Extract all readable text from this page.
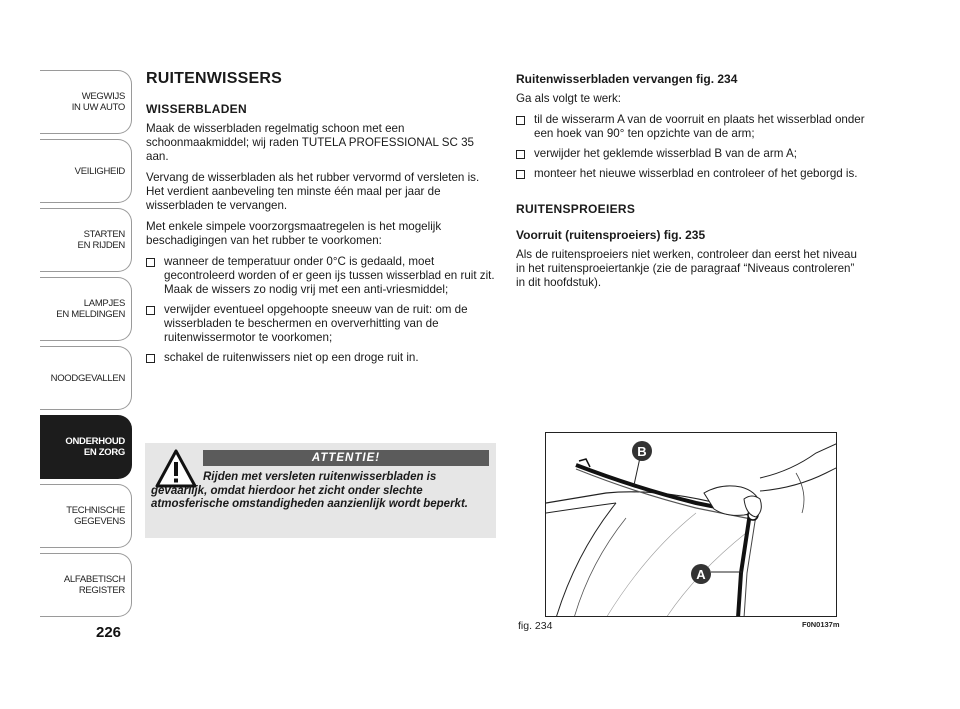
WEGWIJS
IN UW AUTO
VEILIGHEID
STARTEN
EN RIJDEN
LAMPJES
EN MELDINGEN
NOODGEVALLEN
ONDERHOUD
EN ZORG
TECHNISCHE
GEGEVENS
ALFABETISCH
REGISTER
226
RUITENWISSERS
WISSERBLADEN

Maak de wisserbladen regelmatig schoon met een schoonmaakmiddel; wij raden TUTELA PROFESSIONAL SC 35 aan.

Vervang de wisserbladen als het rubber vervormd of versleten is. Het verdient aanbeveling ten minste één maal per jaar de wisserbladen te vervangen.

Met enkele simpele voorzorgsmaatregelen is het mogelijk beschadigingen van het rubber te voorkomen:

wanneer de temperatuur onder 0°C is gedaald, moet gecontroleerd worden of er geen ijs tussen wisserblad en ruit zit. Maak de wissers zo nodig vrij met een anti-vriesmiddel;
verwijder eventueel opgehoopte sneeuw van de ruit: om de wisserbladen te beschermen en oververhitting van de ruitenwissermotor te voorkomen;
schakel de ruitenwissers niet op een droge ruit in.
ATTENTIE!
Rijden met versleten ruitenwisserbladen is gevaarlijk, omdat hierdoor het zicht onder slechte atmosferische omstandigheden aanzienlijk wordt beperkt.
Ruitenwisserbladen vervangen fig. 234

Ga als volgt te werk:

til de wisserarm A van de voorruit en plaats het wisserblad onder een hoek van 90° ten opzichte van de arm;
verwijder het geklemde wisserblad B van de arm A;
monteer het nieuwe wisserblad en controleer of het geborgd is.
RUITENSPROEIERS
Voorruit (ruitensproeiers) fig. 235

Als de ruitensproeiers niet werken, controleer dan eerst het niveau in het ruitensproeiertankje (zie de paragraaf “Niveaus controleren” in dit hoofdstuk).

B
A
fig. 234	F0N0137m
